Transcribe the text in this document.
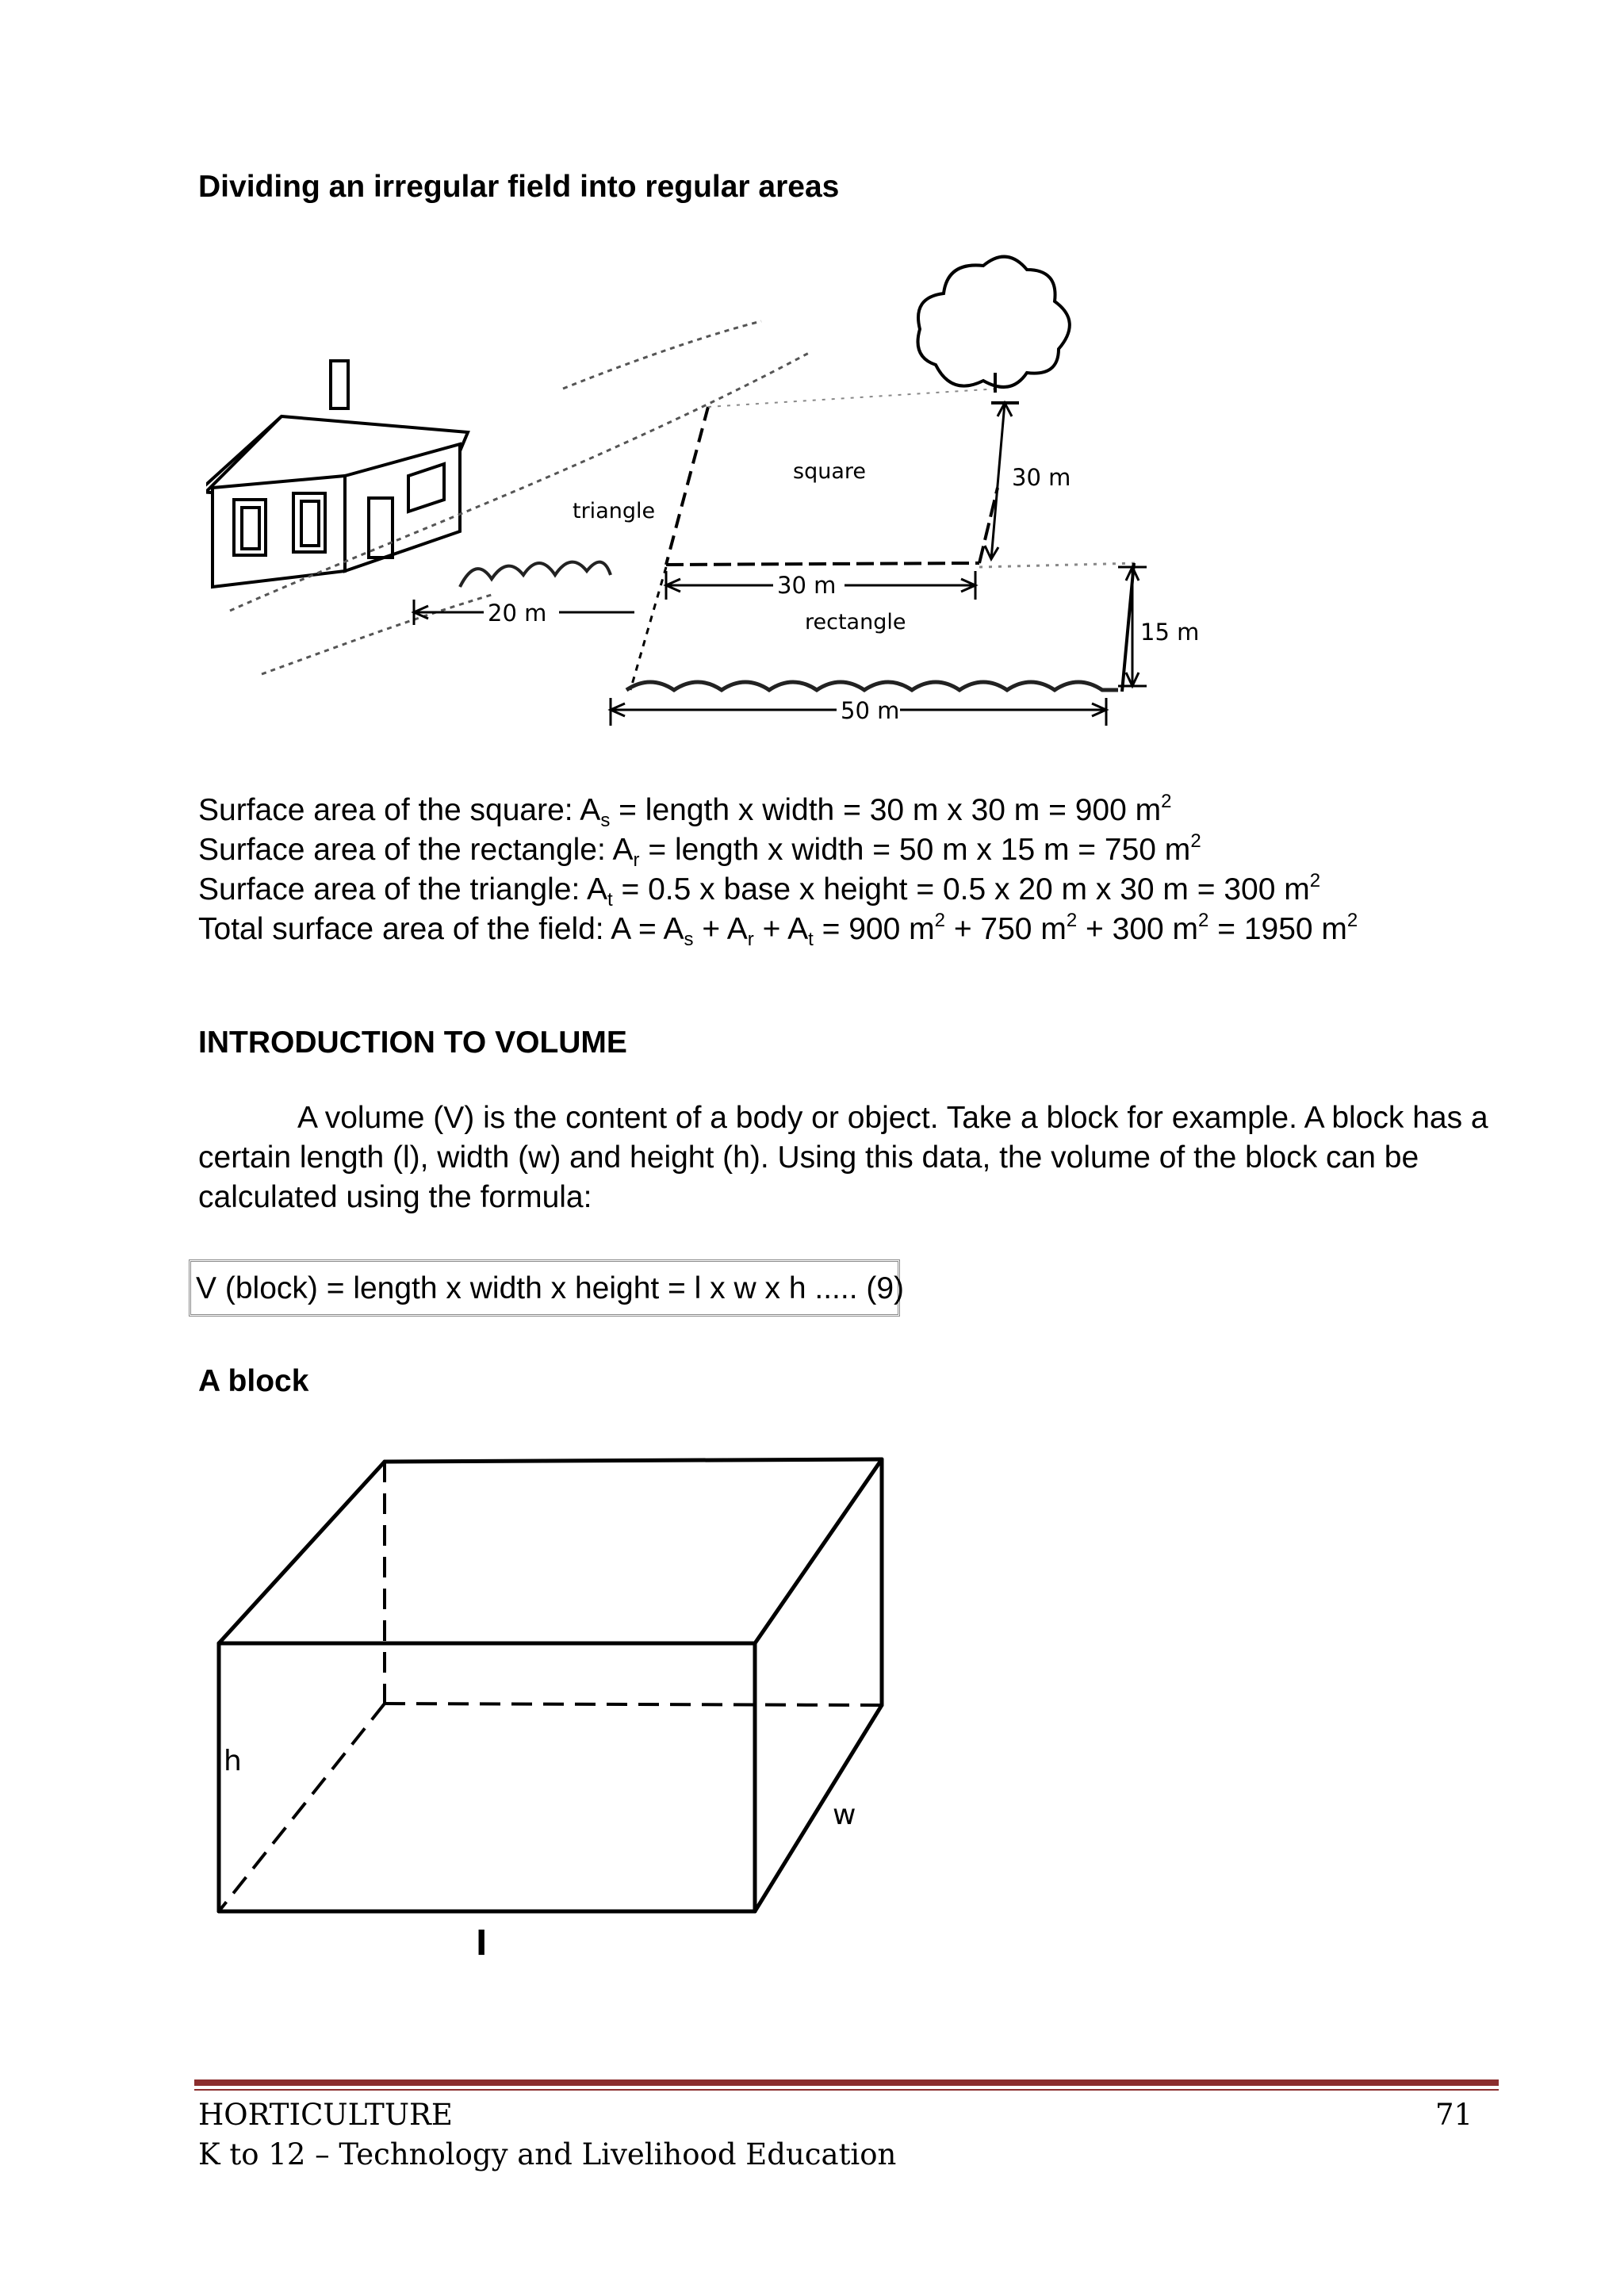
Dividing an irregular field into regular areas
square
triangle
rectangle
30 m
30 m
20 m
15 m
50 m
Surface area of the square: $A_s$ = length x width = 30 m x 30 m = 900 $m^2$
Surface area of the rectangle: $A_r$ = length x width = 50 m x 15 m = 750 $m^2$
Surface area of the triangle: $A_t = 0.5$ x base x height = 0.5 x 20 m x 30 m = 300 $m^2$
Total surface area of the field: $A = A_s + A_r + A_t = 900$ $m^2 + 750$ $m^2 + 300$ $m^2 = 1950$ $m^2$
INTRODUCTION TO VOLUME
A volume (V) is the content of a body or object. Take a block for example. A block has a certain length (l), width (w) and height (h). Using this data, the volume of the block can be calculated using the formula:
V (block) = length x width x height = l x w x h ..... (9)
A block
h
w
l
HORTICULTURE	71
K to 12 – Technology and Livelihood Education
